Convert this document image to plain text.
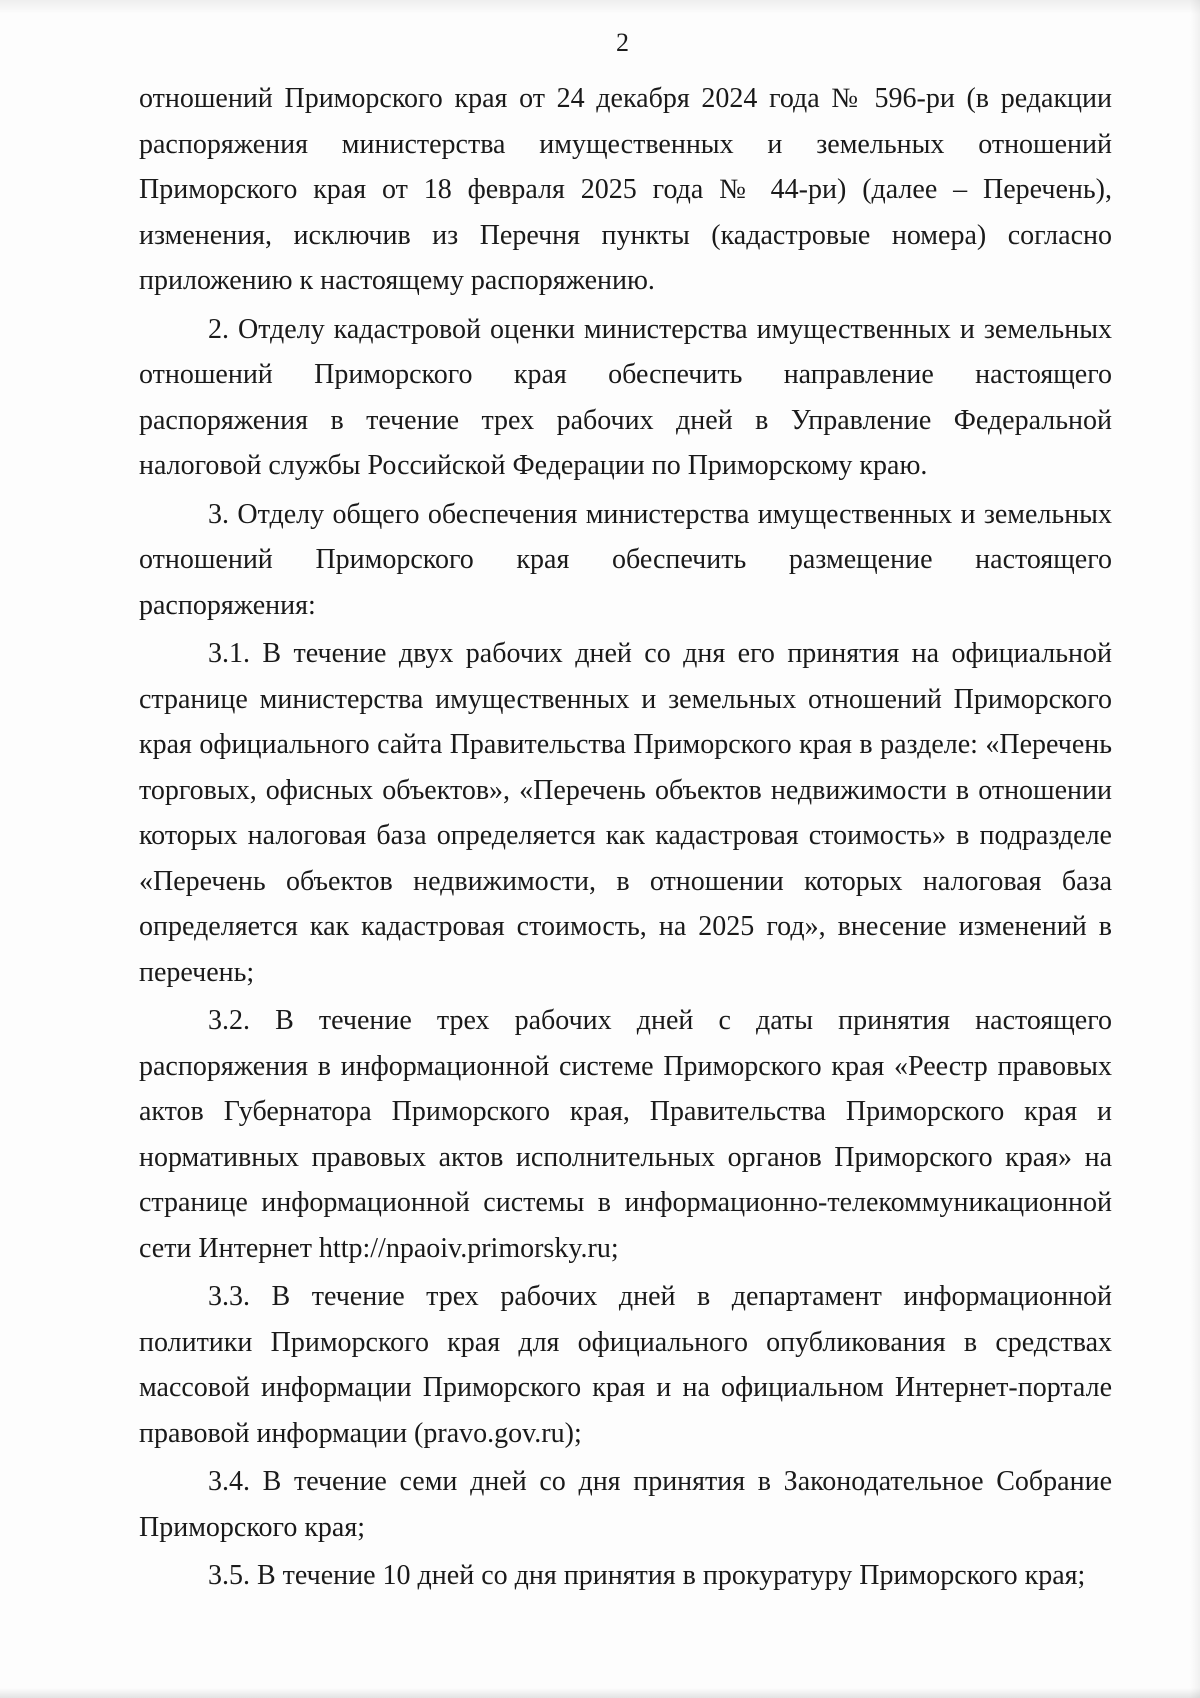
2

отношений Приморского края от 24 декабря 2024 года № 596-ри (в редакции распоряжения министерства имущественных и земельных отношений Приморского края от 18 февраля 2025 года № 44-ри) (далее – Перечень), изменения, исключив из Перечня пункты (кадастровые номера) согласно приложению к настоящему распоряжению.

2. Отделу кадастровой оценки министерства имущественных и земельных отношений Приморского края обеспечить направление настоящего распоряжения в течение трех рабочих дней в Управление Федеральной налоговой службы Российской Федерации по Приморскому краю.

3. Отделу общего обеспечения министерства имущественных и земельных отношений Приморского края обеспечить размещение настоящего распоряжения:

3.1. В течение двух рабочих дней со дня его принятия на официальной странице министерства имущественных и земельных отношений Приморского края официального сайта Правительства Приморского края в разделе: «Перечень торговых, офисных объектов», «Перечень объектов недвижимости в отношении которых налоговая база определяется как кадастровая стоимость» в подразделе «Перечень объектов недвижимости, в отношении которых налоговая база определяется как кадастровая стоимость, на 2025 год», внесение изменений в перечень;

3.2. В течение трех рабочих дней с даты принятия настоящего распоряжения в информационной системе Приморского края «Реестр правовых актов Губернатора Приморского края, Правительства Приморского края и нормативных правовых актов исполнительных органов Приморского края» на странице информационной системы в информационно-телекоммуникационной сети Интернет http://npaoiv.primorsky.ru;

3.3. В течение трех рабочих дней в департамент информационной политики Приморского края для официального опубликования в средствах массовой информации Приморского края и на официальном Интернет-портале правовой информации (pravo.gov.ru);

3.4. В течение семи дней со дня принятия в Законодательное Собрание Приморского края;

3.5. В течение 10 дней со дня принятия в прокуратуру Приморского края;
